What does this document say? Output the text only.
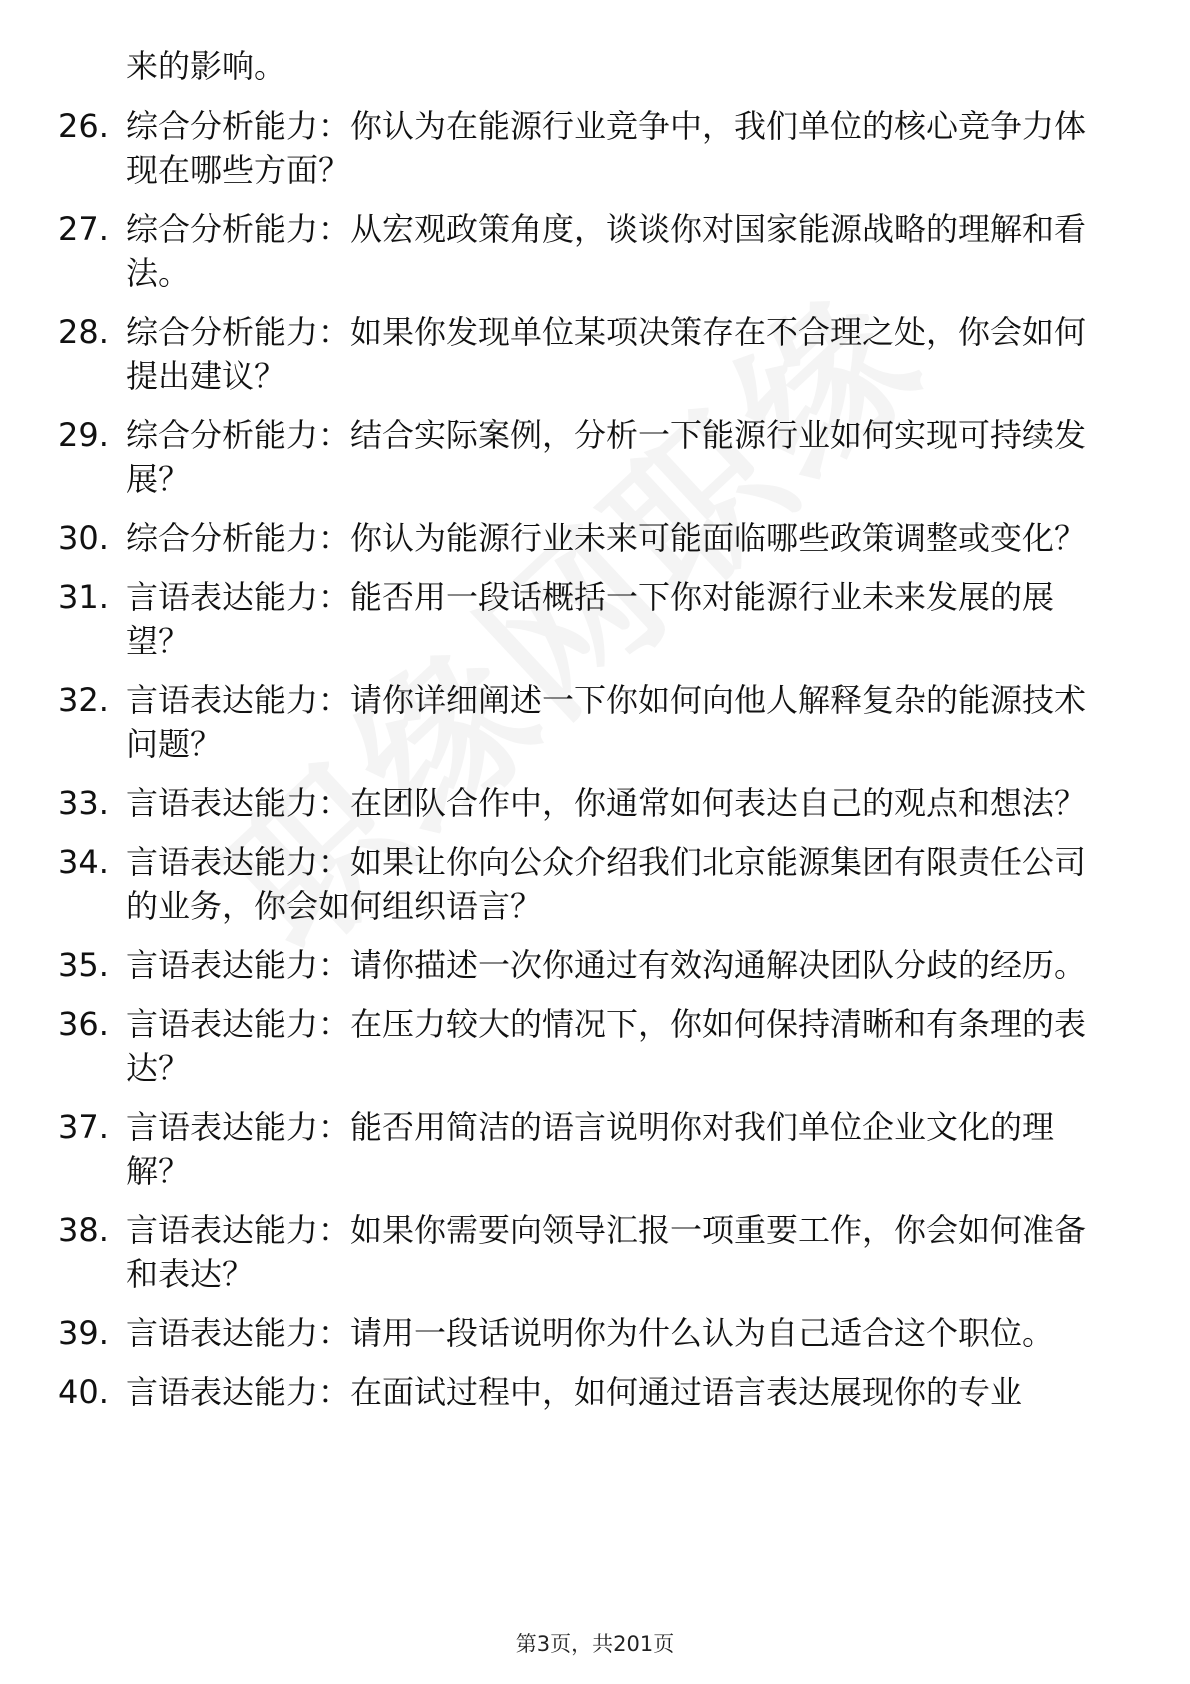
来的影响。
26. 综合分析能力：你认为在能源行业竞争中，我们单位的核心竞争力体现在哪些方面？
27. 综合分析能力：从宏观政策角度，谈谈你对国家能源战略的理解和看法。
28. 综合分析能力：如果你发现单位某项决策存在不合理之处，你会如何提出建议？
29. 综合分析能力：结合实际案例，分析一下能源行业如何实现可持续发展？
30. 综合分析能力：你认为能源行业未来可能面临哪些政策调整或变化？
31. 言语表达能力：能否用一段话概括一下你对能源行业未来发展的展望？
32. 言语表达能力：请你详细阐述一下你如何向他人解释复杂的能源技术问题？
33. 言语表达能力：在团队合作中，你通常如何表达自己的观点和想法？
34. 言语表达能力：如果让你向公众介绍我们北京能源集团有限责任公司的业务，你会如何组织语言？
35. 言语表达能力：请你描述一次你通过有效沟通解决团队分歧的经历。
36. 言语表达能力：在压力较大的情况下，你如何保持清晰和有条理的表达？
37. 言语表达能力：能否用简洁的语言说明你对我们单位企业文化的理解？
38. 言语表达能力：如果你需要向领导汇报一项重要工作，你会如何准备和表达？
39. 言语表达能力：请用一段话说明你为什么认为自己适合这个职位。
40. 言语表达能力：在面试过程中，如何通过语言表达展现你的专业
第3页，共201页
